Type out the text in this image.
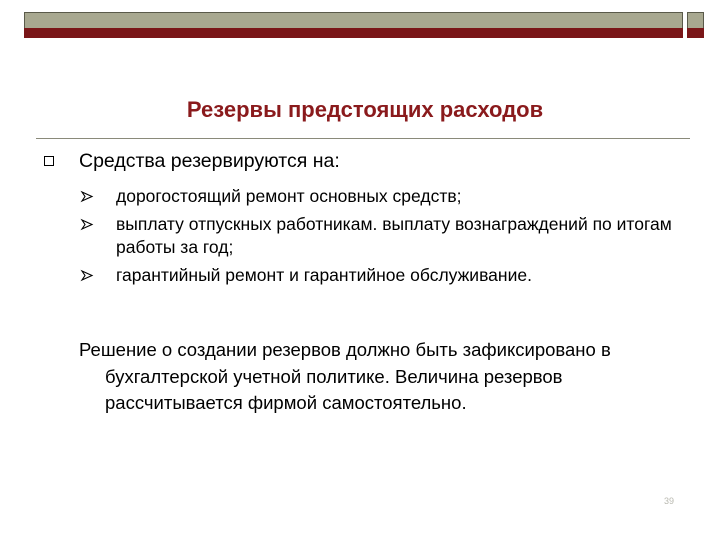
Резервы предстоящих расходов

Средства резервируются на:

дорогостоящий ремонт основных средств;
выплату отпускных работникам. выплату вознаграждений по итогам работы за год;
гарантийный ремонт и гарантийное обслуживание.

Решение о создании резервов должно быть зафиксировано в бухгалтерской учетной политике. Величина резервов рассчитывается фирмой самостоятельно.

39
